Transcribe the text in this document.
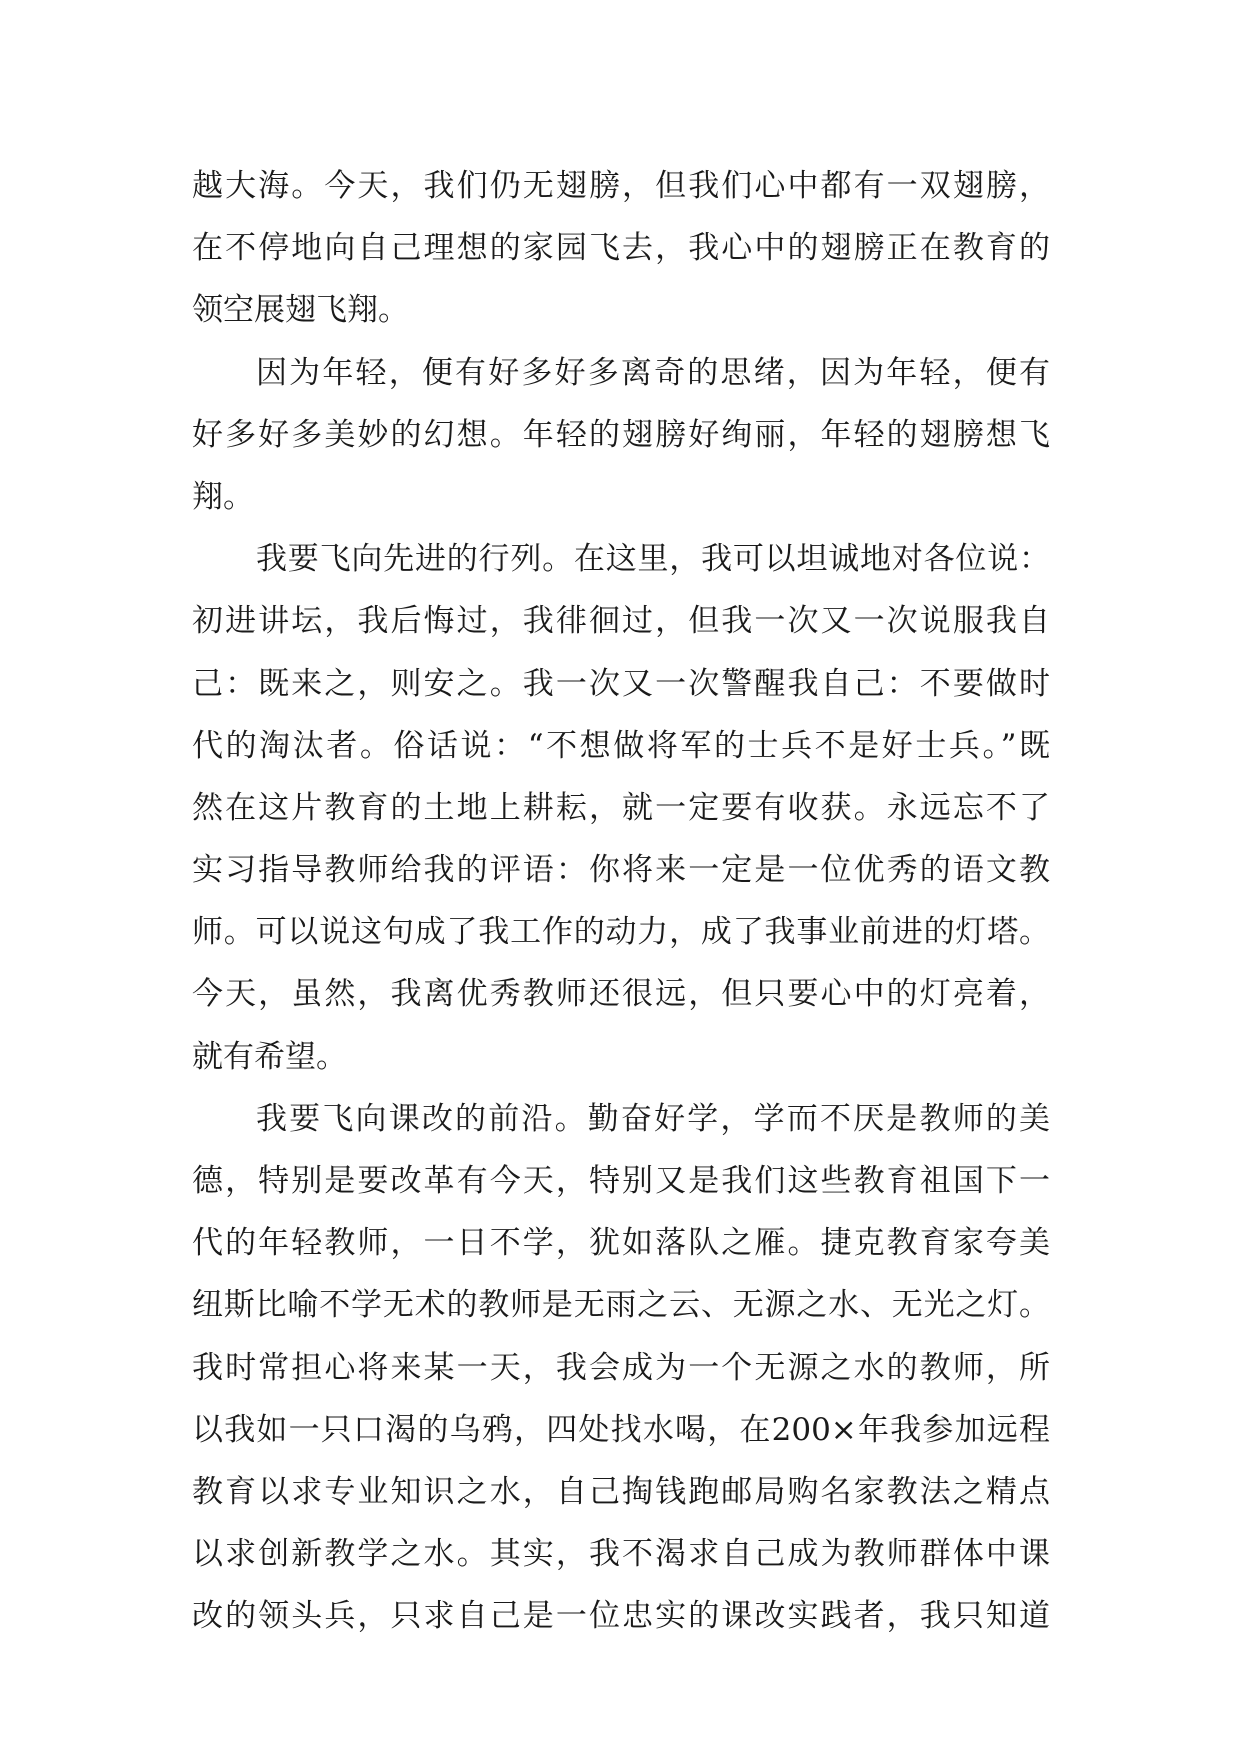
越大海。今天，我们仍无翅膀，但我们心中都有一双翅膀，
在不停地向自己理想的家园飞去，我心中的翅膀正在教育的
领空展翅飞翔。
因为年轻，便有好多好多离奇的思绪，因为年轻，便有
好多好多美妙的幻想。年轻的翅膀好绚丽，年轻的翅膀想飞
翔。
我要飞向先进的行列。在这里，我可以坦诚地对各位说：
初进讲坛，我后悔过，我徘徊过，但我一次又一次说服我自
己：既来之，则安之。我一次又一次警醒我自己：不要做时
代的淘汰者。俗话说：“不想做将军的士兵不是好士兵。”既
然在这片教育的土地上耕耘，就一定要有收获。永远忘不了
实习指导教师给我的评语：你将来一定是一位优秀的语文教
师。可以说这句成了我工作的动力，成了我事业前进的灯塔。
今天，虽然，我离优秀教师还很远，但只要心中的灯亮着，
就有希望。
我要飞向课改的前沿。勤奋好学，学而不厌是教师的美
德，特别是要改革有今天，特别又是我们这些教育祖国下一
代的年轻教师，一日不学，犹如落队之雁。捷克教育家夸美
纽斯比喻不学无术的教师是无雨之云、无源之水、无光之灯。
我时常担心将来某一天，我会成为一个无源之水的教师，所
以我如一只口渴的乌鸦，四处找水喝，在200×年我参加远程
教育以求专业知识之水，自己掏钱跑邮局购名家教法之精点
以求创新教学之水。其实，我不渴求自己成为教师群体中课
改的领头兵，只求自己是一位忠实的课改实践者，我只知道
